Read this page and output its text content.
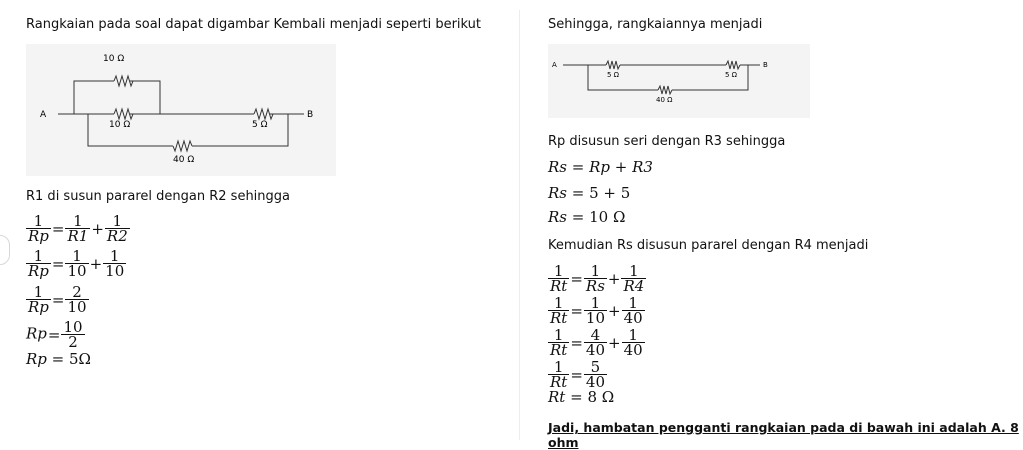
Rangkaian pada soal dapat digambar Kembali menjadi seperti berikut
A	B
10 Ω
10 Ω	5 Ω
40 Ω
R1 di susun pararel dengan R2 sehingga
$\frac{1}{Rp} = \frac{1}{R1} + \frac{1}{R2}$
$\frac{1}{Rp} = \frac{1}{10} + \frac{1}{10}$
$\frac{1}{Rp} = \frac{2}{10}$
$Rp= \frac{10}{2}$
Rp = 5Ω
Sehingga, rangkaiannya menjadi
A	B
5 Ω	5 Ω
40 Ω
Rp disusun seri dengan R3 sehingga
Rs = Rp + R3
Rs = 5 + 5
Rs = 10 Ω
Kemudian Rs disusun pararel dengan R4 menjadi
$\frac{1}{Rt} = \frac{1}{Rs} + \frac{1}{R4}$
$\frac{1}{Rt} = \frac{1}{10} + \frac{1}{40}$
$\frac{1}{Rt} = \frac{4}{40} + \frac{1}{40}$
$\frac{1}{Rt} = \frac{5}{40}$
Rt = 8 Ω
Jadi, hambatan pengganti rangkaian pada di bawah ini adalah A. 8 ohm
